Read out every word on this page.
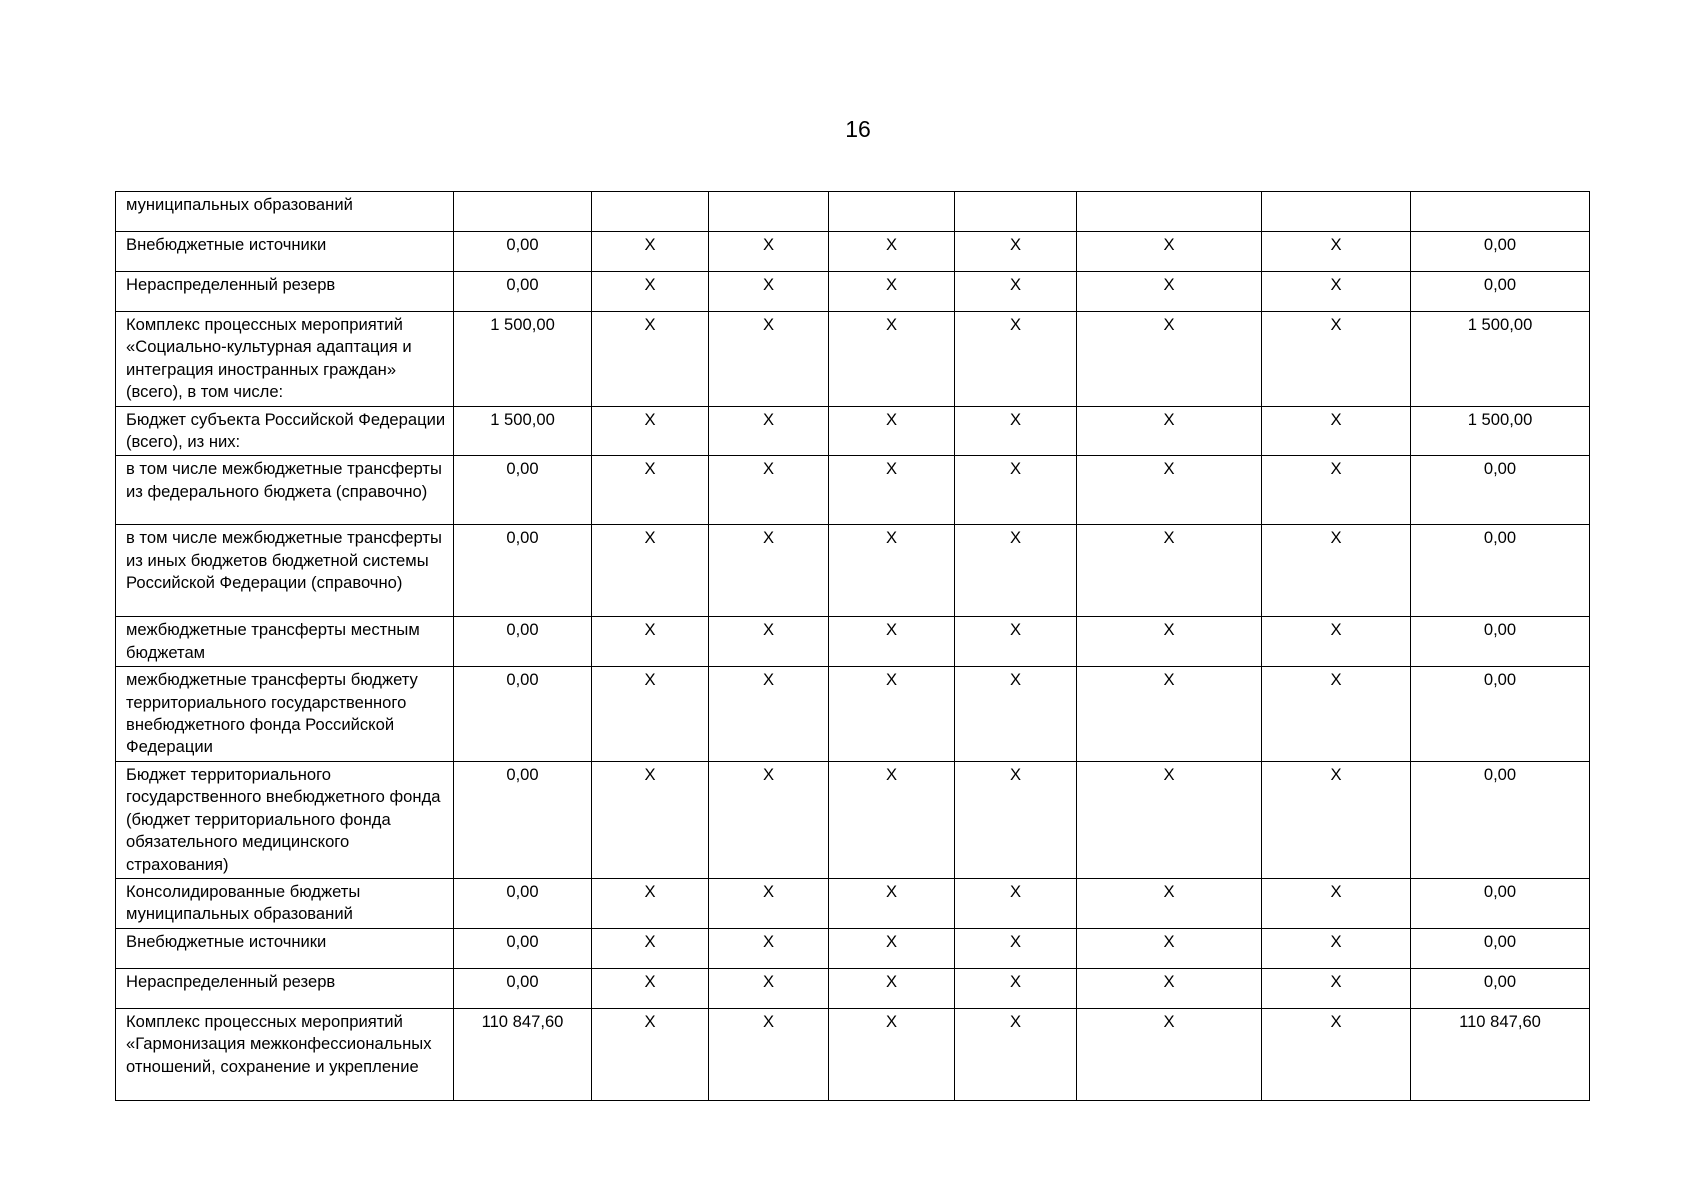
16
муниципальных образований								
Внебюджетные источники	0,00	X	X	X	X	X	X	0,00
Нераспределенный резерв	0,00	X	X	X	X	X	X	0,00
Комплекс процессных мероприятий «Социально-культурная адаптация и интеграция иностранных граждан» (всего), в том числе:	1 500,00	X	X	X	X	X	X	1 500,00
Бюджет субъекта Российской Федерации (всего), из них:	1 500,00	X	X	X	X	X	X	1 500,00
в том числе межбюджетные трансферты из федерального бюджета (справочно)	0,00	X	X	X	X	X	X	0,00
в том числе межбюджетные трансферты из иных бюджетов бюджетной системы Российской Федерации (справочно)	0,00	X	X	X	X	X	X	0,00
межбюджетные трансферты местным бюджетам	0,00	X	X	X	X	X	X	0,00
межбюджетные трансферты бюджету территориального государственного внебюджетного фонда Российской Федерации	0,00	X	X	X	X	X	X	0,00
Бюджет территориального государственного внебюджетного фонда (бюджет территориального фонда обязательного медицинского страхования)	0,00	X	X	X	X	X	X	0,00
Консолидированные бюджеты муниципальных образований	0,00	X	X	X	X	X	X	0,00
Внебюджетные источники	0,00	X	X	X	X	X	X	0,00
Нераспределенный резерв	0,00	X	X	X	X	X	X	0,00
Комплекс процессных мероприятий «Гармонизация межконфессиональных отношений, сохранение и укрепление	110 847,60	X	X	X	X	X	X	110 847,60
